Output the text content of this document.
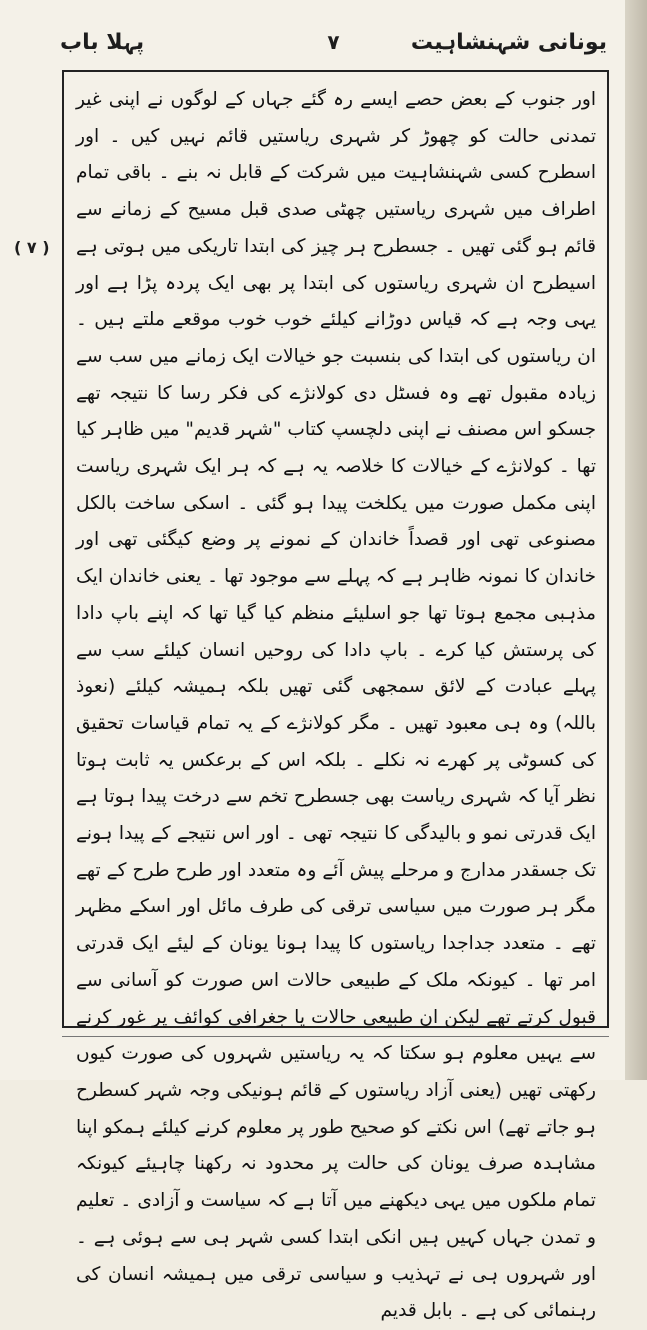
یونانی شہنشاہیت
۷
پہلا باب
( ۷ )
اور جنوب کے بعض حصے ایسے رہ گئے جہاں کے لوگوں نے اپنی غیر تمدنی حالت کو چھوڑ کر شہری ریاستیں قائم نہیں کیں ۔ اور اسطرح کسی شہنشاہیت میں شرکت کے قابل نہ بنے ۔ باقی تمام اطراف میں شہری ریاستیں چھٹی صدی قبل مسیح کے زمانے سے قائم ہو گئی تھیں ۔ جسطرح ہر چیز کی ابتدا تاریکی میں ہوتی ہے اسیطرح ان شہری ریاستوں کی ابتدا پر بھی ایک پردہ پڑا ہے اور یہی وجہ ہے کہ قیاس دوڑانے کیلئے خوب خوب موقعے ملتے ہیں ۔ ان ریاستوں کی ابتدا کی بنسبت جو خیالات ایک زمانے میں سب سے زیادہ مقبول تھے وہ فسٹل دی کولانژے کی فکر رسا کا نتیجہ تھے جسکو اس مصنف نے اپنی دلچسپ کتاب "شہر قدیم" میں ظاہر کیا تھا ۔ کولانژے کے خیالات کا خلاصہ یہ ہے کہ ہر ایک شہری ریاست اپنی مکمل صورت میں یکلخت پیدا ہو گئی ۔ اسکی ساخت بالکل مصنوعی تھی اور قصداً خاندان کے نمونے پر وضع کیگئی تھی اور خاندان کا نمونہ ظاہر ہے کہ پہلے سے موجود تھا ۔ یعنی خاندان ایک مذہبی مجمع ہوتا تھا جو اسلیئے منظم کیا گیا تھا کہ اپنے باپ دادا کی پرستش کیا کرے ۔ باپ دادا کی روحیں انسان کیلئے سب سے پہلے عبادت کے لائق سمجھی گئی تھیں بلکہ ہمیشہ کیلئے (نعوذ باللہ) وہ ہی معبود تھیں ۔ مگر کولانژے کے یہ تمام قیاسات تحقیق کی کسوٹی پر کھرے نہ نکلے ۔ بلکہ اس کے برعکس یہ ثابت ہوتا نظر آیا کہ شہری ریاست بھی جسطرح تخم سے درخت پیدا ہوتا ہے ایک قدرتی نمو و بالیدگی کا نتیجہ تھی ۔ اور اس نتیجے کے پیدا ہونے تک جسقدر مدارج و مرحلے پیش آئے وہ متعدد اور طرح طرح کے تھے مگر ہر صورت میں سیاسی ترقی کی طرف مائل اور اسکے مظہر تھے ۔ متعدد جداجدا ریاستوں کا پیدا ہونا یونان کے لیئے ایک قدرتی امر تھا ۔ کیونکہ ملک کے طبیعی حالات اس صورت کو آسانی سے قبول کرتے تھے لیکن ان طبیعی حالات یا جغرافی کوائف پر غور کرنے سے یہیں معلوم ہو سکتا کہ یہ ریاستیں شہروں کی صورت کیوں رکھتی تھیں (یعنی آزاد ریاستوں کے قائم ہونیکی وجہ شہر کسطرح ہو جاتے تھے) اس نکتے کو صحیح طور پر معلوم کرنے کیلئے ہمکو اپنا مشاہدہ صرف یونان کی حالت پر محدود نہ رکھنا چاہیئے کیونکہ تمام ملکوں میں یہی دیکھنے میں آتا ہے کہ سیاست و آزادی ۔ تعلیم و تمدن جہاں کہیں ہیں انکی ابتدا کسی شہر ہی سے ہوئی ہے ۔ اور شہروں ہی نے تہذیب و سیاسی ترقی میں ہمیشہ انسان کی رہنمائی کی ہے ۔ بابل قدیم
